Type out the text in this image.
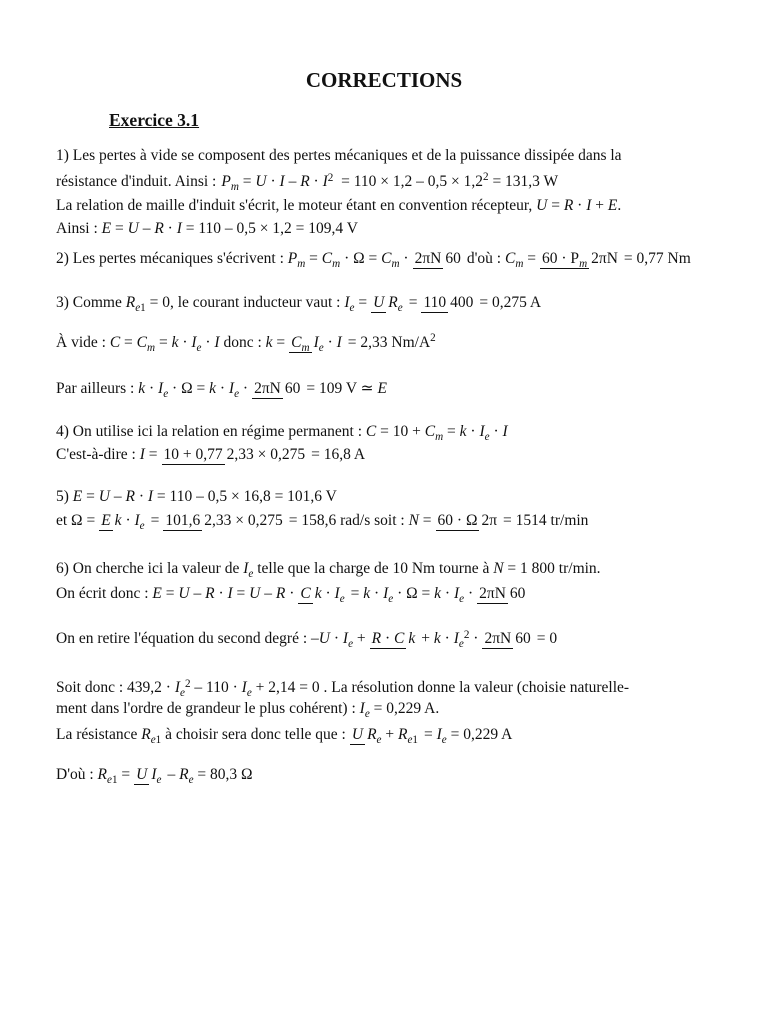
CORRECTIONS
Exercice 3.1
1) Les pertes à vide se composent des pertes mécaniques et de la puissance dissipée dans la
résistance d'induit. Ainsi : $P_m = U \cdot I - R \cdot I^2 = 110 \times 1,2 - 0,5 \times 1,2$ 2
= 131,3 W
La relation de maille d'induit s'écrit, le moteur étant en convention récepteur,
U = R · I + E.
Ainsi :
E = U – R · I = 110 – 0,5 × 1,2 = 109,4 V
2) Les pertes mécaniques s'écrivent :
$P_m = C_m \cdot \Omega = C_m \cdot 2\pi N$ 60 d'où :
$C_m = 60 \cdot P_m$ 2πN = 0,77 Nm
3) Comme
$R_{e1}$
= 0, le courant inducteur vaut :
$I_e = U$ $R_e = 110$ 400 = 0,275 A
À vide :
$C = C_m = k \cdot I_e \cdot I$
donc :
$k = C_m$ $I_e \cdot I = 2,33$ Nm/A 2
Par ailleurs :
$k \cdot I_e \cdot \Omega = k \cdot I_e \cdot 2\pi N$ 60 = 109 V ≃
E
4) On utilise ici la relation en régime permanent :
$C = 10 + C_m = k \cdot I_e \cdot I$
C'est-à-dire :
I = 10 + 0,77 2,33 × 0,275 = 16,8 A
5)
E = U – R · I = 110 – 0,5 × 16,8 = 101,6 V
et Ω = E $k \cdot I_e = 101,6$ 2,33 × 0,275 = 158,6 rad/s soit :
N = 60 · Ω 2π = 1514 tr/min
6) On cherche ici la valeur de
$I_e$
telle que la charge de 10 Nm tourne à
N
= 1 800 tr/min.
On écrit donc :
E = U – R · I = U – R · C $k \cdot I_e = k \cdot I_e \cdot \Omega = k \cdot I_e \cdot 2\pi N$ 60
On en retire l'équation du second degré :
$-U \cdot I_e + R \cdot C$ $k + k \cdot I_e^2 \cdot 2\pi N$ 60 = 0
Soit donc : 439,2 ·
$I_e^2$
– 110 ·
$I_e$
+ 2,14 = 0 . La résolution donne la valeur (choisie naturelle-
ment dans l'ordre de grandeur le plus cohérent) :
$I_e$
= 0,229 A.
La résistance
$R_{e1}$
à choisir sera donc telle que : U $R_e + R_{e1} = I_e$
= 0,229 A
D'où :
$R_{e1} = U$ $I_e - R_e$
= 80,3 Ω
